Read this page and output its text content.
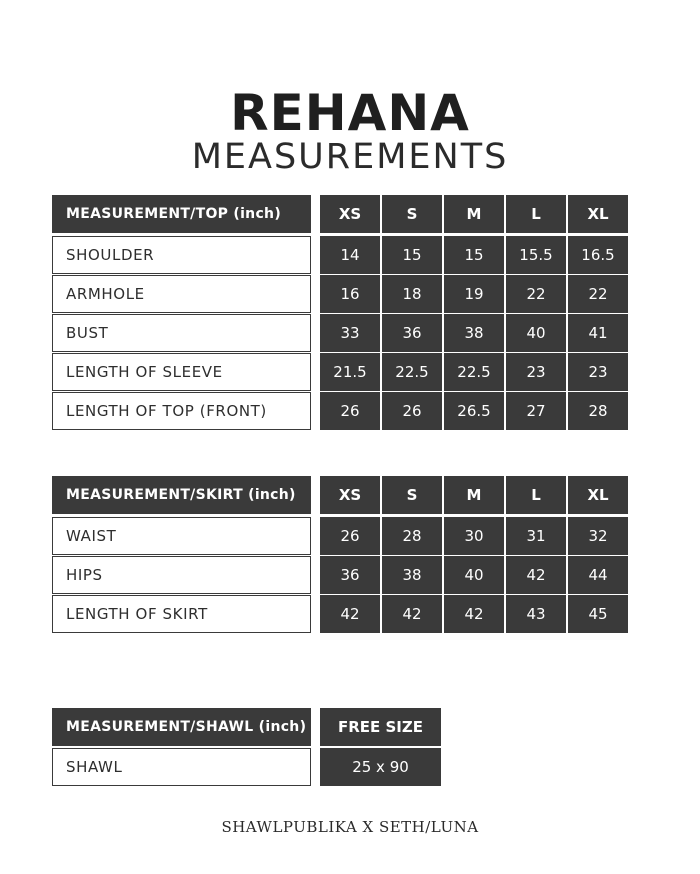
REHANA
MEASUREMENTS
MEASUREMENT/TOP (inch)	XS	S	M	L	XL
SHOULDER	14	15	15	15.5	16.5
ARMHOLE	16	18	19	22	22
BUST	33	36	38	40	41
LENGTH OF SLEEVE	21.5	22.5	22.5	23	23
LENGTH OF TOP (FRONT)	26	26	26.5	27	28
MEASUREMENT/SKIRT (inch)	XS	S	M	L	XL
WAIST	26	28	30	31	32
HIPS	36	38	40	42	44
LENGTH OF SKIRT	42	42	42	43	45
MEASUREMENT/SHAWL (inch)	FREE SIZE
SHAWL	25 x 90
SHAWLPUBLIKA X SETH/LUNA
